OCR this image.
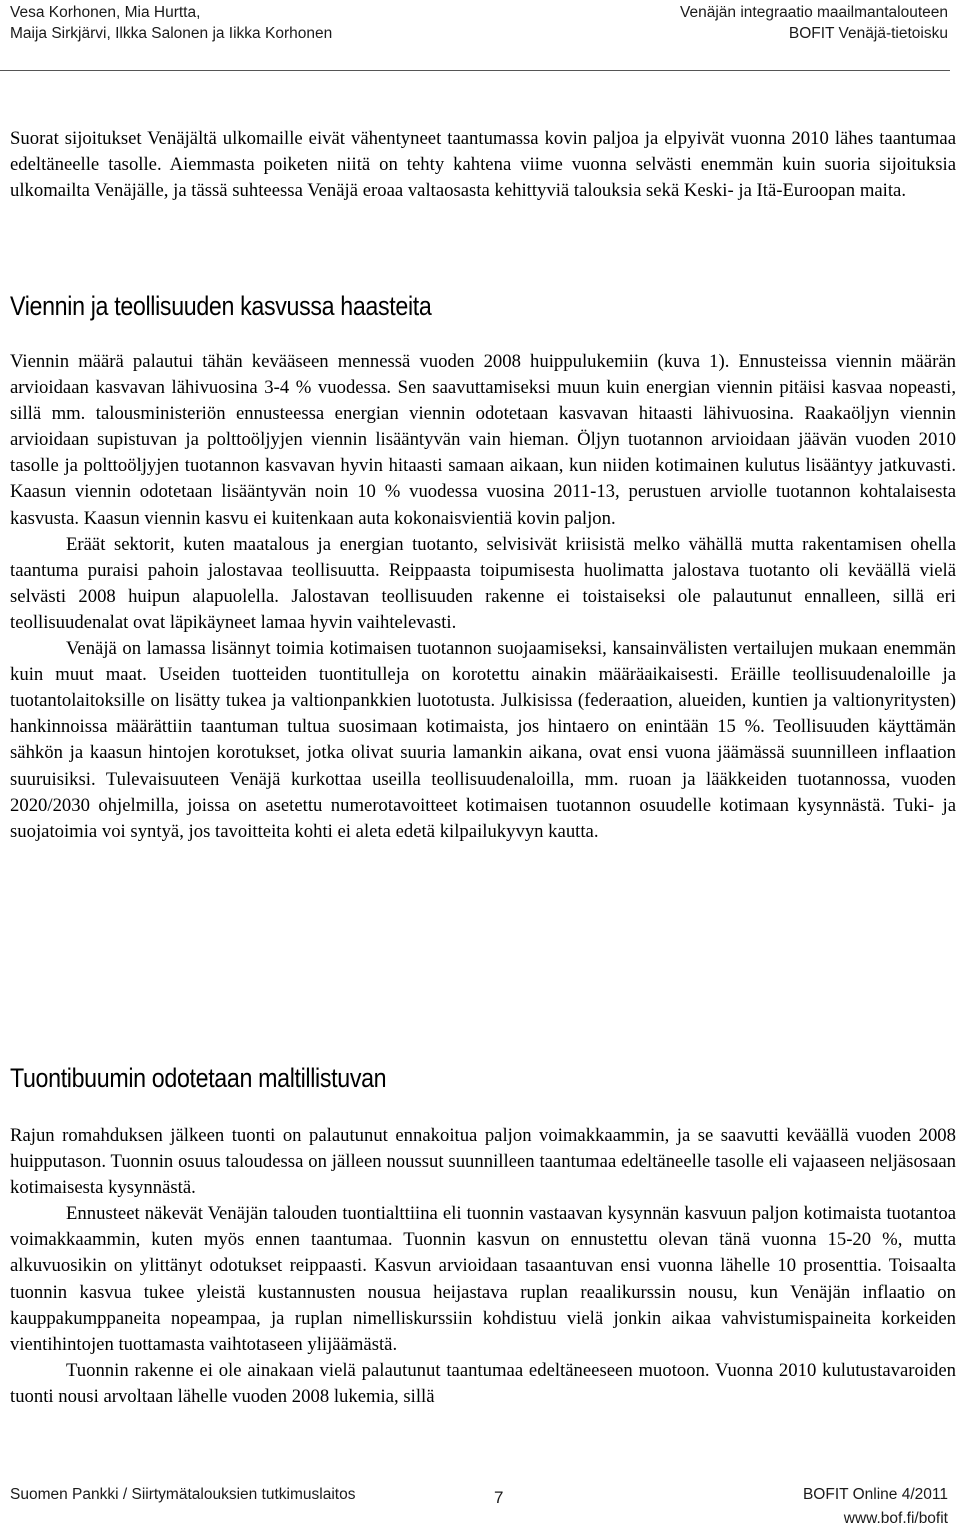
Vesa Korhonen, Mia Hurtta,
Maija Sirkjärvi, Ilkka Salonen ja Iikka Korhonen
Venäjän integraatio maailmantalouteen
BOFIT Venäjä-tietoisku

Suorat sijoitukset Venäjältä ulkomaille eivät vähentyneet taantumassa kovin paljoa ja elpyivät vuonna 2010 lähes taantumaa edeltäneelle tasolle. Aiemmasta poiketen niitä on tehty kahtena viime vuonna selvästi enemmän kuin suoria sijoituksia ulkomailta Venäjälle, ja tässä suhteessa Venäjä eroaa valtaosasta kehittyviä talouksia sekä Keski- ja Itä-Euroopan maita.

Viennin ja teollisuuden kasvussa haasteita

Viennin määrä palautui tähän kevääseen mennessä vuoden 2008 huippulukemiin (kuva 1). Ennusteissa viennin määrän arvioidaan kasvavan lähivuosina 3-4 % vuodessa. Sen saavuttamiseksi muun kuin energian viennin pitäisi kasvaa nopeasti, sillä mm. talousministeriön ennusteessa energian viennin odotetaan kasvavan hitaasti lähivuosina. Raakaöljyn viennin arvioidaan supistuvan ja polttoöljyjen viennin lisääntyvän vain hieman. Öljyn tuotannon arvioidaan jäävän vuoden 2010 tasolle ja polttoöljyjen tuotannon kasvavan hyvin hitaasti samaan aikaan, kun niiden kotimainen kulutus lisääntyy jatkuvasti. Kaasun viennin odotetaan lisääntyvän noin 10 % vuodessa vuosina 2011-13, perustuen arviolle tuotannon kohtalaisesta kasvusta. Kaasun viennin kasvu ei kuitenkaan auta kokonaisvientiä kovin paljon.

Eräät sektorit, kuten maatalous ja energian tuotanto, selvisivät kriisistä melko vähällä mutta rakentamisen ohella taantuma puraisi pahoin jalostavaa teollisuutta. Reippaasta toipumisesta huolimatta jalostava tuotanto oli keväällä vielä selvästi 2008 huipun alapuolella. Jalostavan teollisuuden rakenne ei toistaiseksi ole palautunut ennalleen, sillä eri teollisuudenalat ovat läpikäyneet lamaa hyvin vaihtelevasti.

Venäjä on lamassa lisännyt toimia kotimaisen tuotannon suojaamiseksi, kansainvälisten vertailujen mukaan enemmän kuin muut maat. Useiden tuotteiden tuontitulleja on korotettu ainakin määräaikaisesti. Eräille teollisuudenaloille ja tuotantolaitoksille on lisätty tukea ja valtionpankkien luototusta. Julkisissa (federaation, alueiden, kuntien ja valtionyritysten) hankinnoissa määrättiin taantuman tultua suosimaan kotimaista, jos hintaero on enintään 15 %. Teollisuuden käyttämän sähkön ja kaasun hintojen korotukset, jotka olivat suuria lamankin aikana, ovat ensi vuona jäämässä suunnilleen inflaation suuruisiksi. Tulevaisuuteen Venäjä kurkottaa useilla teollisuudenaloilla, mm. ruoan ja lääkkeiden tuotannossa, vuoden 2020/2030 ohjelmilla, joissa on asetettu numerotavoitteet kotimaisen tuotannon osuudelle kotimaan kysynnästä. Tuki- ja suojatoimia voi syntyä, jos tavoitteita kohti ei aleta edetä kilpailukyvyn kautta.

Tuontibuumin odotetaan maltillistuvan

Rajun romahduksen jälkeen tuonti on palautunut ennakoitua paljon voimakkaammin, ja se saavutti keväällä vuoden 2008 huipputason. Tuonnin osuus taloudessa on jälleen noussut suunnilleen taantumaa edeltäneelle tasolle eli vajaaseen neljäsosaan kotimaisesta kysynnästä.

Ennusteet näkevät Venäjän talouden tuontialttiina eli tuonnin vastaavan kysynnän kasvuun paljon kotimaista tuotantoa voimakkaammin, kuten myös ennen taantumaa. Tuonnin kasvun on ennustettu olevan tänä vuonna 15-20 %, mutta alkuvuosikin on ylittänyt odotukset reippaasti. Kasvun arvioidaan tasaantuvan ensi vuonna lähelle 10 prosenttia. Toisaalta tuonnin kasvua tukee yleistä kustannusten nousua heijastava ruplan reaalikurssin nousu, kun Venäjän inflaatio on kauppakumppaneita nopeampaa, ja ruplan nimelliskurssiin kohdistuu vielä jonkin aikaa vahvistumispaineita korkeiden vientihintojen tuottamasta vaihtotaseen ylijäämästä.

Tuonnin rakenne ei ole ainakaan vielä palautunut taantumaa edeltäneeseen muotoon. Vuonna 2010 kulutustavaroiden tuonti nousi arvoltaan lähelle vuoden 2008 lukemia, sillä

Suomen Pankki / Siirtymätalouksien tutkimuslaitos	7	BOFIT Online 4/2011
www.bof.fi/bofit
